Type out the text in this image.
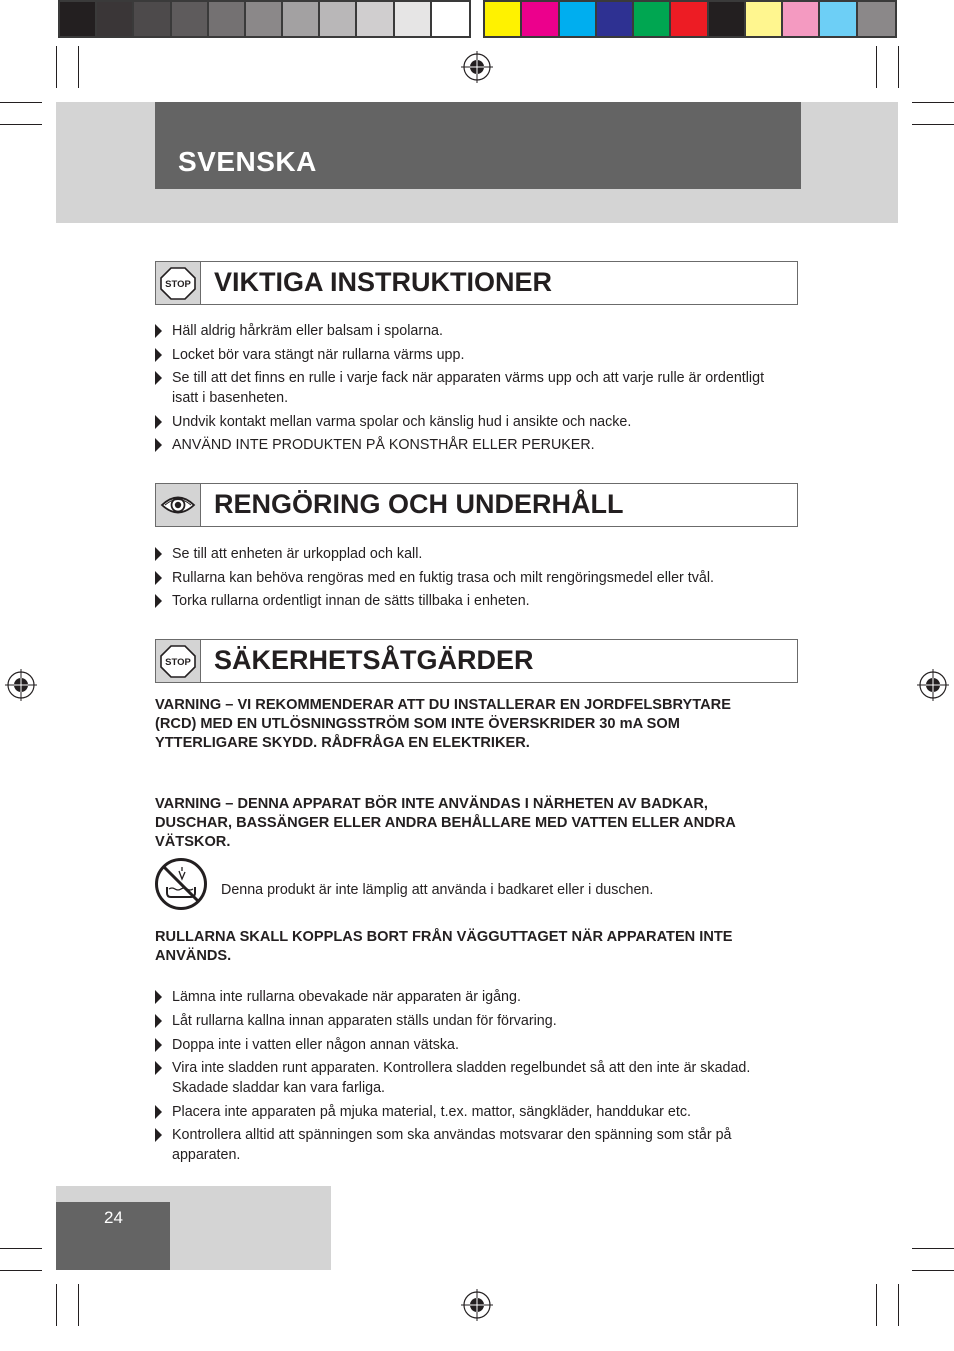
SVENSKA
STOP VIKTIGA INSTRUKTIONER
Häll aldrig hårkräm eller balsam i spolarna.
Locket bör vara stängt när rullarna värms upp.
Se till att det finns en rulle i varje fack när apparaten värms upp och att varje rulle är ordentligt isatt i basenheten.
Undvik kontakt mellan varma spolar och känslig hud i ansikte och nacke.
ANVÄND INTE PRODUKTEN PÅ KONSTHÅR ELLER PERUKER.
RENGÖRING OCH UNDERHÅLL
Se till att enheten är urkopplad och kall.
Rullarna kan behöva rengöras med en fuktig trasa och milt rengöringsmedel eller tvål.
Torka rullarna ordentligt innan de sätts tillbaka i enheten.
STOP SÄKERHETSÅTGÄRDER
VARNING – VI REKOMMENDERAR ATT DU INSTALLERAR EN JORDFELSBRYTARE (RCD) MED EN UTLÖSNINGSSTRÖM SOM INTE ÖVERSKRIDER 30 mA SOM YTTERLIGARE SKYDD. RÅDFRÅGA EN ELEKTRIKER.
VARNING – DENNA APPARAT BÖR INTE ANVÄNDAS I NÄRHETEN AV BADKAR, DUSCHAR, BASSÄNGER ELLER ANDRA BEHÅLLARE MED VATTEN ELLER ANDRA VÄTSKOR.
Denna produkt är inte lämplig att använda i badkaret eller i duschen.
RULLARNA SKALL KOPPLAS BORT FRÅN VÄGGUTTAGET NÄR APPARATEN INTE ANVÄNDS.
Lämna inte rullarna obevakade när apparaten är igång.
Låt rullarna kallna innan apparaten ställs undan för förvaring.
Doppa inte i vatten eller någon annan vätska.
Vira inte sladden runt apparaten. Kontrollera sladden regelbundet så att den inte är skadad. Skadade sladdar kan vara farliga.
Placera inte apparaten på mjuka material, t.ex. mattor, sängkläder, handdukar etc.
Kontrollera alltid att spänningen som ska användas motsvarar den spänning som står på apparaten.
24
